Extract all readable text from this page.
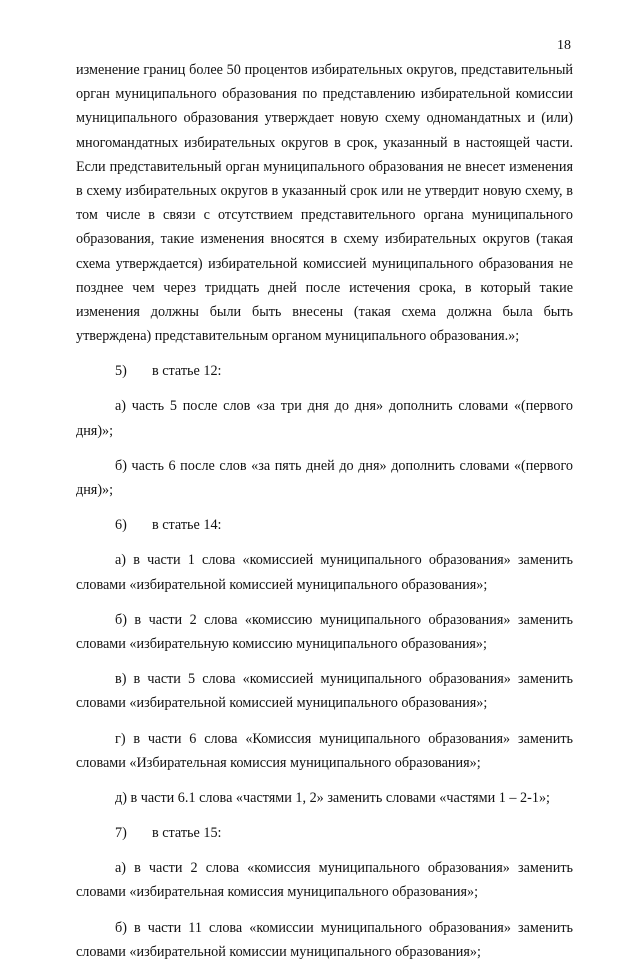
18
изменение границ более 50 процентов избирательных округов, представительный
орган муниципального образования по представлению избирательной комиссии
муниципального образования утверждает новую схему одномандатных и (или)
многомандатных избирательных округов в срок, указанный в настоящей части.
Если представительный орган муниципального образования не внесет изменения
в схему избирательных округов в указанный срок или не утвердит новую схему, в
том числе в связи с отсутствием представительного органа муниципального
образования, такие изменения вносятся в схему избирательных округов (такая
схема утверждается) избирательной комиссией муниципального образования не
позднее чем через тридцать дней после истечения срока, в который такие
изменения должны были быть внесены (такая схема должна была быть
утверждена) представительным органом муниципального образования.»;
5) в статье 12:
а) часть 5 после слов «за три дня до дня» дополнить словами «(первого
дня)»;
б) часть 6 после слов «за пять дней до дня» дополнить словами «(первого
дня)»;
6) в статье 14:
а) в части 1 слова «комиссией муниципального образования» заменить
словами «избирательной комиссией муниципального образования»;
б) в части 2 слова «комиссию муниципального образования» заменить
словами «избирательную комиссию муниципального образования»;
в) в части 5 слова «комиссией муниципального образования» заменить
словами «избирательной комиссией муниципального образования»;
г) в части 6 слова «Комиссия муниципального образования» заменить
словами «Избирательная комиссия муниципального образования»;
д) в части 6.1 слова «частями 1, 2» заменить словами «частями 1 – 2-1»;
7) в статье 15:
а) в части 2 слова «комиссия муниципального образования» заменить
словами «избирательная комиссия муниципального образования»;
б) в части 11 слова «комиссии муниципального образования» заменить
словами «избирательной комиссии муниципального образования»;
